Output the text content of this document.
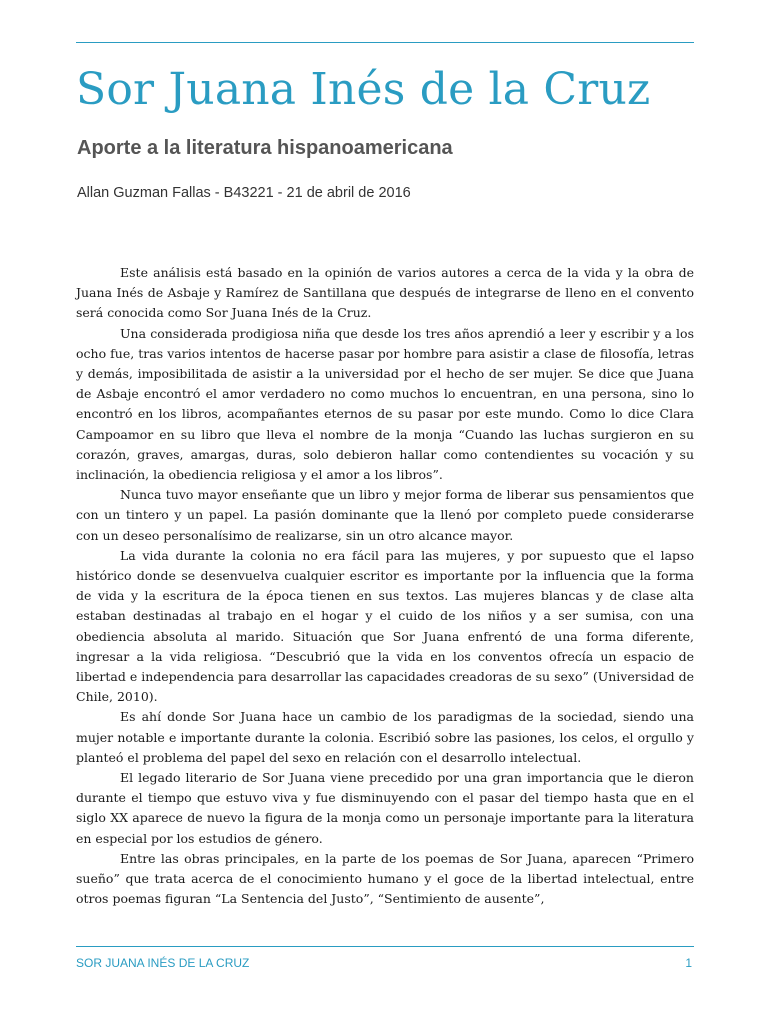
Sor Juana Inés de la Cruz
Aporte a la literatura hispanoamericana

Allan Guzman Fallas - B43221 - 21 de abril de 2016

Este análisis está basado en la opinión de varios autores a cerca de la vida y la obra de Juana Inés de Asbaje y Ramírez de Santillana que después de integrarse de lleno en el convento será conocida como Sor Juana Inés de la Cruz.

Una considerada prodigiosa niña que desde los tres años aprendió a leer y escribir y a los ocho fue, tras varios intentos de hacerse pasar por hombre para asistir a clase de filosofía, letras y demás, imposibilitada de asistir a la universidad por el hecho de ser mujer. Se dice que Juana de Asbaje encontró el amor verdadero no como muchos lo encuentran, en una persona, sino lo encontró en los libros, acompañantes eternos de su pasar por este mundo. Como lo dice Clara Campoamor en su libro que lleva el nombre de la monja “Cuando las luchas surgieron en su corazón, graves, amargas, duras, solo debieron hallar como contendientes su vocación y su inclinación, la obediencia religiosa y el amor a los libros”.

Nunca tuvo mayor enseñante que un libro y mejor forma de liberar sus pensamientos que con un tintero y un papel. La pasión dominante que la llenó por completo puede considerarse con un deseo personalísimo de realizarse, sin un otro alcance mayor.

La vida durante la colonia no era fácil para las mujeres, y por supuesto que el lapso histórico donde se desenvuelva cualquier escritor es importante por la influencia que la forma de vida y la escritura de la época tienen en sus textos. Las mujeres blancas y de clase alta estaban destinadas al trabajo en el hogar y el cuido de los niños y a ser sumisa, con una obediencia absoluta al marido. Situación que Sor Juana enfrentó de una forma diferente, ingresar a la vida religiosa. “Descubrió que la vida en los conventos ofrecía un espacio de libertad e independencia para desarrollar las capacidades creadoras de su sexo” (Universidad de Chile, 2010).

Es ahí donde Sor Juana hace un cambio de los paradigmas de la sociedad, siendo una mujer notable e importante durante la colonia. Escribió sobre las pasiones, los celos, el orgullo y planteó el problema del papel del sexo en relación con el desarrollo intelectual.

El legado literario de Sor Juana viene precedido por una gran importancia que le dieron durante el tiempo que estuvo viva y fue disminuyendo con el pasar del tiempo hasta que en el siglo XX aparece de nuevo la figura de la monja como un personaje importante para la literatura en especial por los estudios de género.

Entre las obras principales, en la parte de los poemas de Sor Juana, aparecen “Primero sueño” que trata acerca de el conocimiento humano y el goce de la libertad intelectual, entre otros poemas figuran “La Sentencia del Justo”, “Sentimiento de ausente”,

SOR JUANA INÉS DE LA CRUZ	1
